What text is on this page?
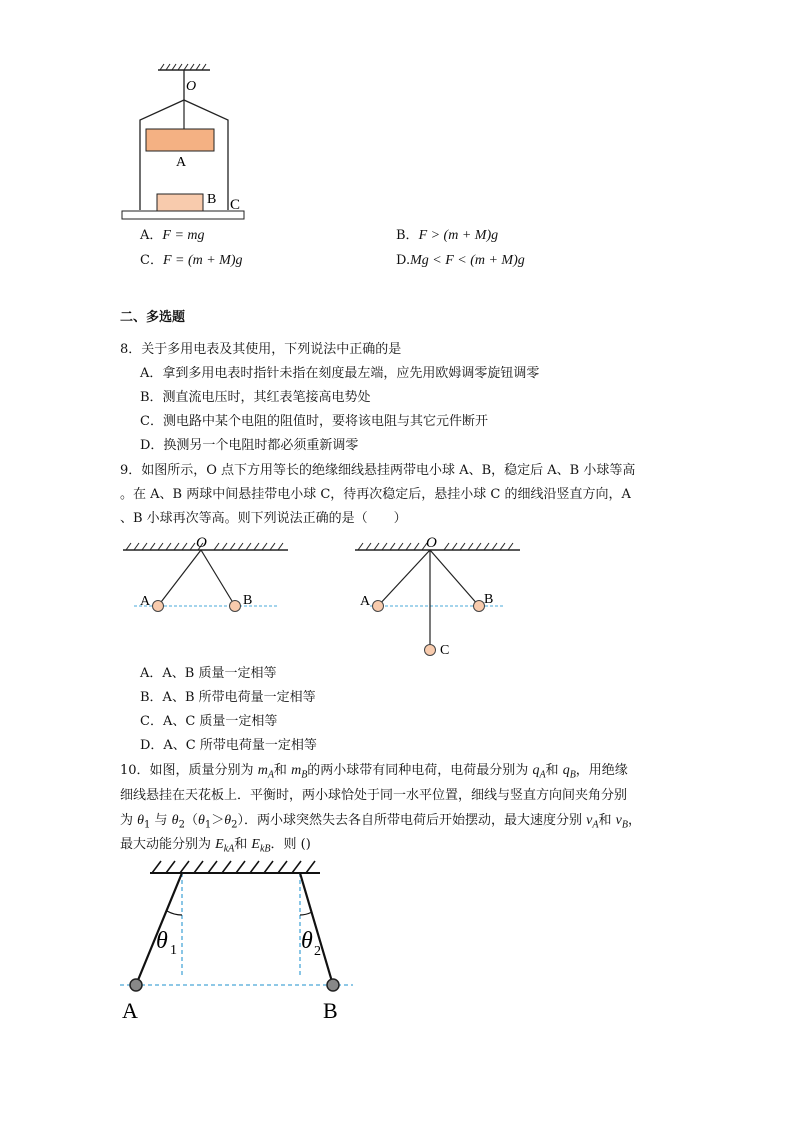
O
A
B C
A．F = mg	B．F > (m + M)g
C．F = (m + M)g	D.Mg < F < (m + M)g
二、多选题
8．关于多用电表及其使用，下列说法中正确的是
A．拿到多用电表时指针未指在刻度最左端，应先用欧姆调零旋钮调零
B．测直流电压时，其红表笔接高电势处
C．测电路中某个电阻的阻值时，要将该电阻与其它元件断开
D．换测另一个电阻时都必须重新调零
9．如图所示，O 点下方用等长的绝缘细线悬挂两带电小球 A、B，稳定后 A、B 小球等高
。在 A、B 两球中间悬挂带电小球 C，待再次稳定后，悬挂小球 C 的细线沿竖直方向，A
、B 小球再次等高。则下列说法正确的是（　　）
O
A	B
O
A	B
C
A．A、B 质量一定相等
B．A、B 所带电荷量一定相等
C．A、C 质量一定相等
D．A、C 所带电荷量一定相等
10．如图，质量分别为 $m_A$和 $m_B$的两小球带有同种电荷，电荷最分别为 $q_A$和 $q_B$，用绝缘
细线悬挂在天花板上．平衡时，两小球恰处于同一水平位置，细线与竖直方向间夹角分别
为 $\theta_1$ 与 $\theta_2(\theta_1>\theta_2)$．两小球突然失去各自所带电荷后开始摆动，最大速度分别 $v_A$和 $v_B$，
最大动能分别为 $E_{kA}$和 $E_{kB}$．则 ()
θ 1	θ 2
A	B
